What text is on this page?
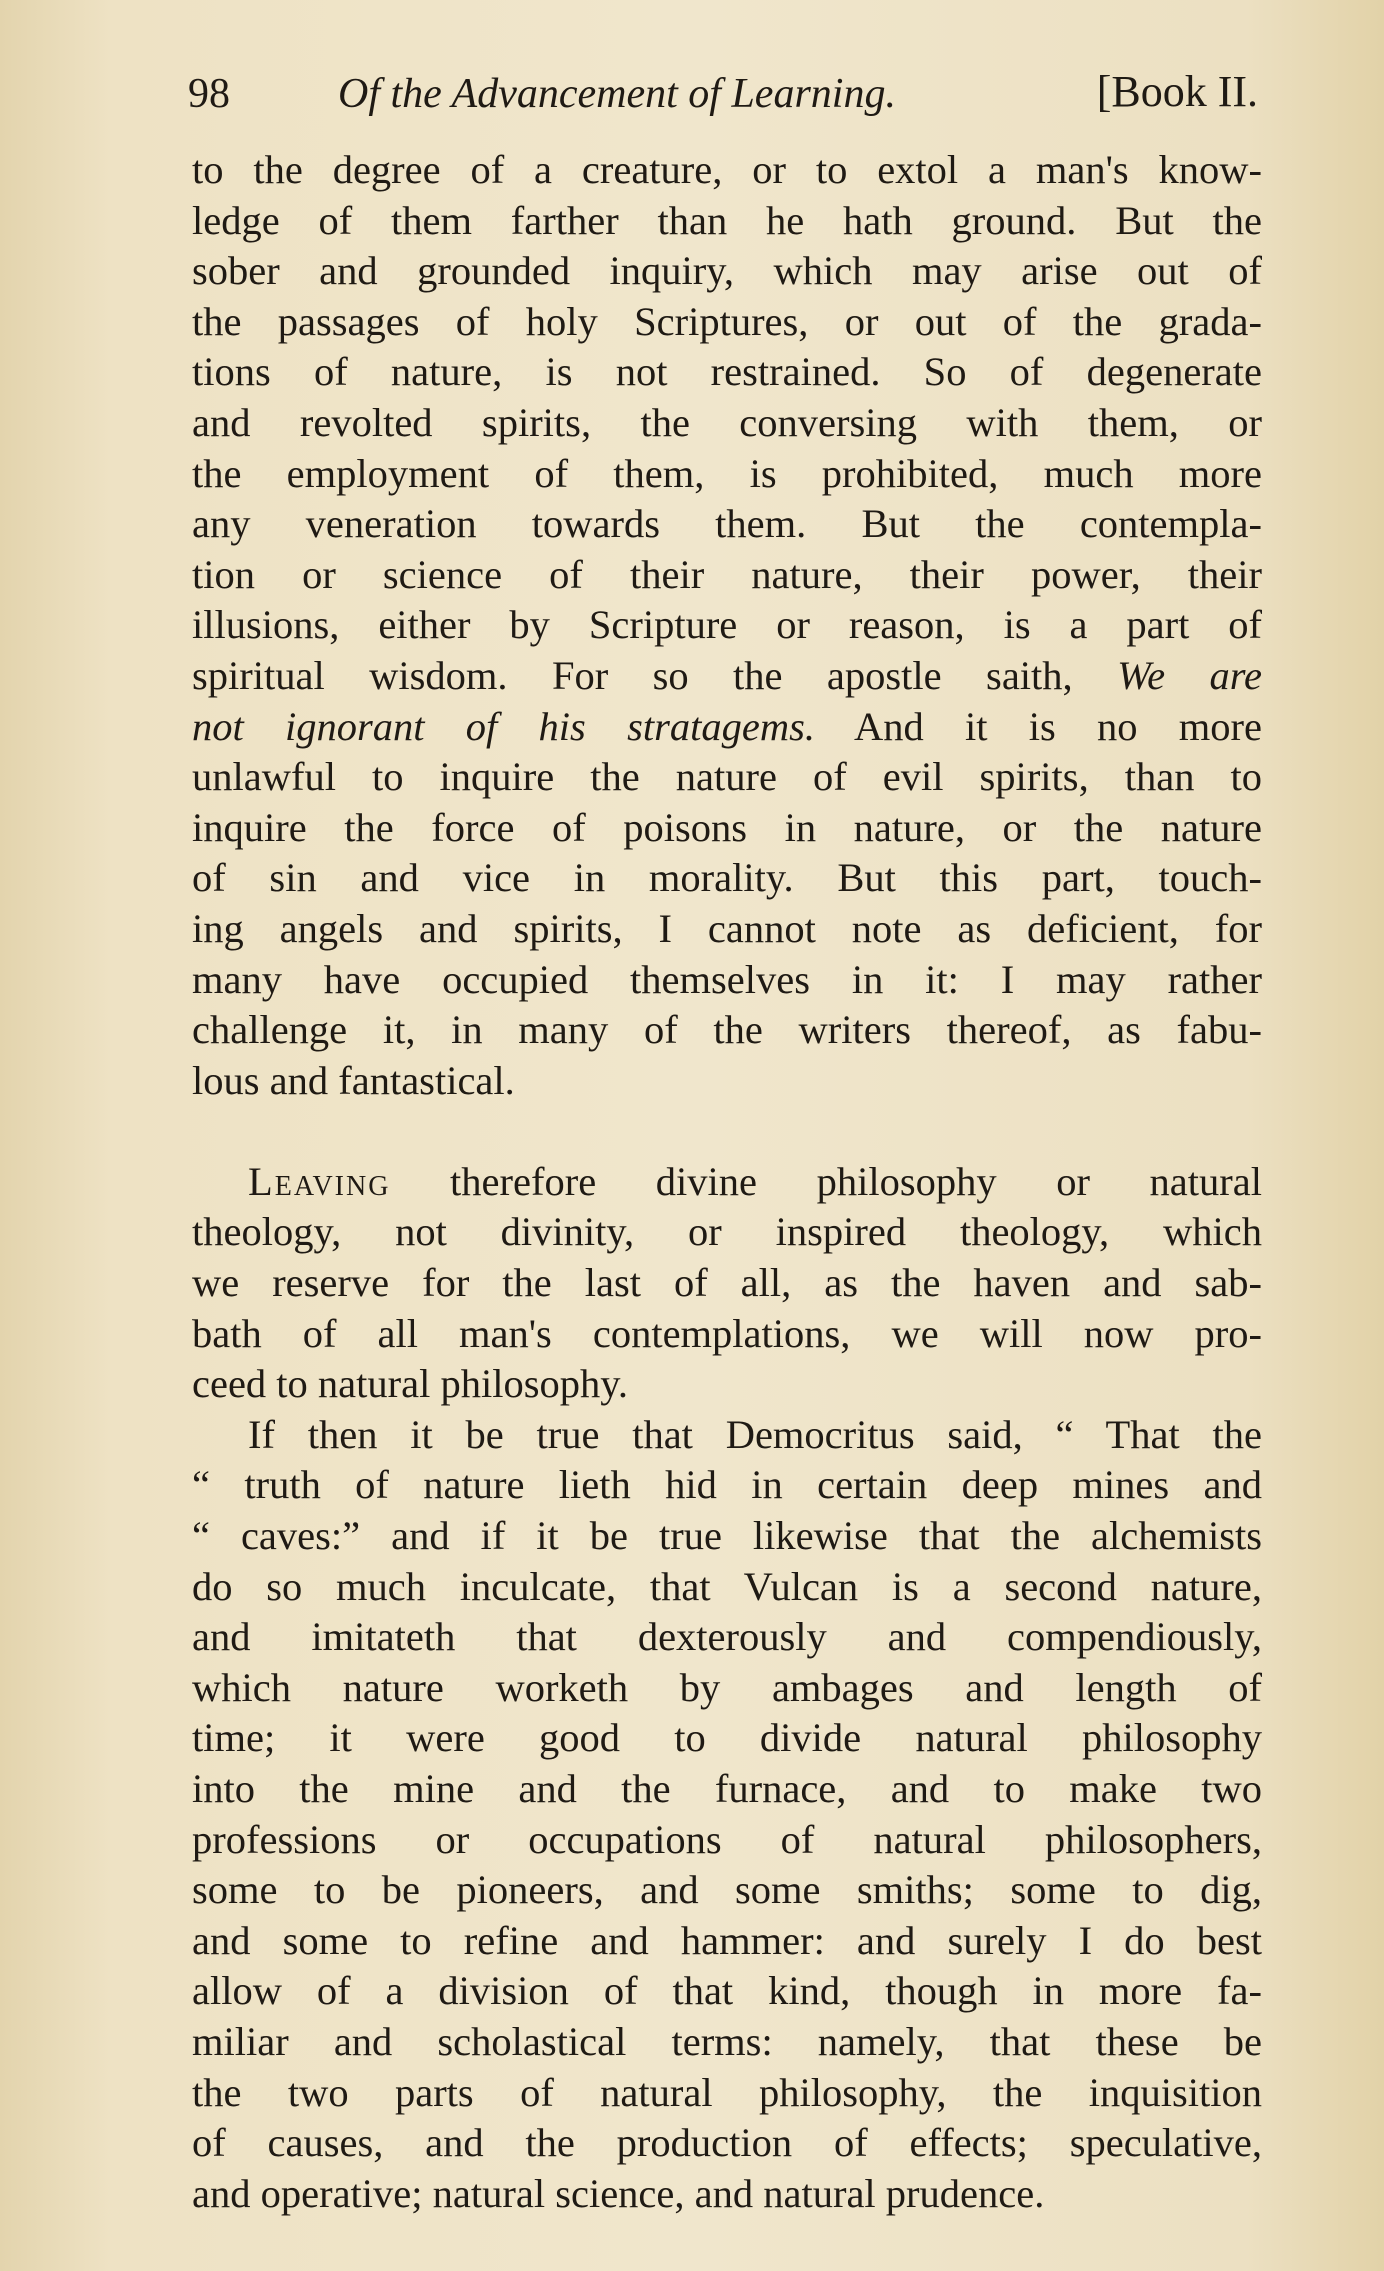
98	Of the Advancement of Learning.	[Book II.
to the degree of a creature, or to extol a man's know-
ledge of them farther than he hath ground. But the
sober and grounded inquiry, which may arise out of
the passages of holy Scriptures, or out of the grada-
tions of nature, is not restrained. So of degenerate
and revolted spirits, the conversing with them, or
the employment of them, is prohibited, much more
any veneration towards them. But the contempla-
tion or science of their nature, their power, their
illusions, either by Scripture or reason, is a part of
spiritual wisdom. For so the apostle saith, We are
not ignorant of his stratagems. And it is no more
unlawful to inquire the nature of evil spirits, than to
inquire the force of poisons in nature, or the nature
of sin and vice in morality. But this part, touch-
ing angels and spirits, I cannot note as deficient, for
many have occupied themselves in it: I may rather
challenge it, in many of the writers thereof, as fabu-
lous and fantastical.
Leaving therefore divine philosophy or natural
theology, not divinity, or inspired theology, which
we reserve for the last of all, as the haven and sab-
bath of all man's contemplations, we will now pro-
ceed to natural philosophy.
If then it be true that Democritus said, “ That the
“ truth of nature lieth hid in certain deep mines and
“ caves:” and if it be true likewise that the alchemists
do so much inculcate, that Vulcan is a second nature,
and imitateth that dexterously and compendiously,
which nature worketh by ambages and length of
time; it were good to divide natural philosophy
into the mine and the furnace, and to make two
professions or occupations of natural philosophers,
some to be pioneers, and some smiths; some to dig,
and some to refine and hammer: and surely I do best
allow of a division of that kind, though in more fa-
miliar and scholastical terms: namely, that these be
the two parts of natural philosophy, the inquisition
of causes, and the production of effects; speculative,
and operative; natural science, and natural prudence.
